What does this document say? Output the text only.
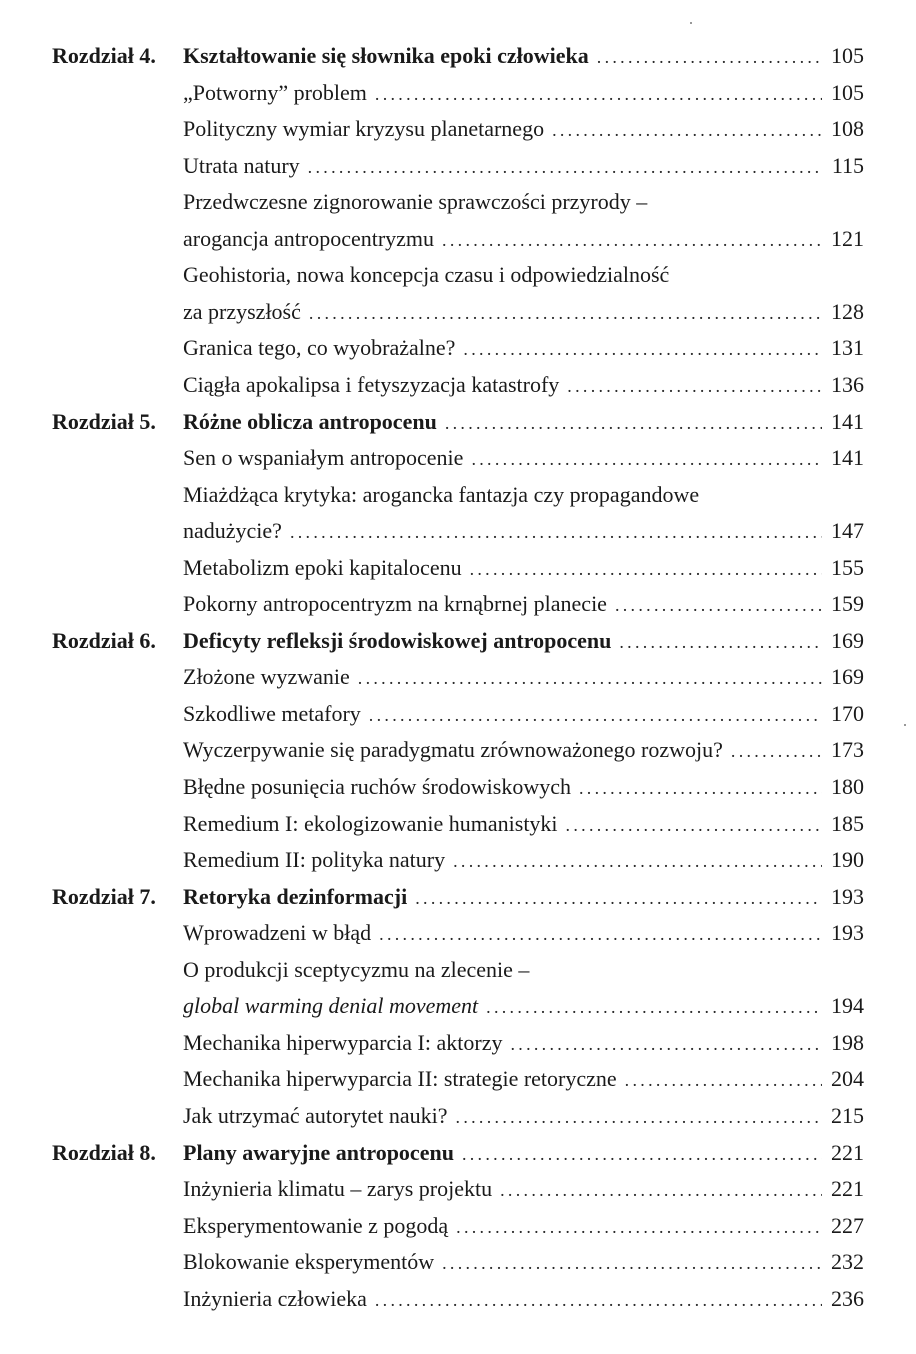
Rozdział 4. Kształtowanie się słownika epoki człowieka . . .	105
„Potworny” problem . . .	105
Polityczny wymiar kryzysu planetarnego . . .	108
Utrata natury . . .	115
Przedwczesne zignorowanie sprawczości przyrody –
arogancja antropocentryzmu . . .	121
Geohistoria, nowa koncepcja czasu i odpowiedzialność
za przyszłość . . .	128
Granica tego, co wyobrażalne? . . .	131
Ciągła apokalipsa i fetyszyzacja katastrofy . . .	136
Rozdział 5. Różne oblicza antropocenu . . .	141
Sen o wspaniałym antropocenie . . .	141
Miażdżąca krytyka: arogancka fantazja czy propagandowe
nadużycie? . . .	147
Metabolizm epoki kapitalocenu . . .	155
Pokorny antropocentryzm na krnąbrnej planecie . . .	159
Rozdział 6. Deficyty refleksji środowiskowej antropocenu . . .	169
Złożone wyzwanie . . .	169
Szkodliwe metafory . . .	170
Wyczerpywanie się paradygmatu zrównoważonego rozwoju? . . .	173
Błędne posunięcia ruchów środowiskowych . . .	180
Remedium I: ekologizowanie humanistyki . . .	185
Remedium II: polityka natury . . .	190
Rozdział 7. Retoryka dezinformacji . . .	193
Wprowadzeni w błąd . . .	193
O produkcji sceptycyzmu na zlecenie –
global warming denial movement . . .	194
Mechanika hiperwyparcia I: aktorzy . . .	198
Mechanika hiperwyparcia II: strategie retoryczne . . .	204
Jak utrzymać autorytet nauki? . . .	215
Rozdział 8. Plany awaryjne antropocenu . . .	221
Inżynieria klimatu – zarys projektu . . .	221
Eksperymentowanie z pogodą . . .	227
Blokowanie eksperymentów . . .	232
Inżynieria człowieka . . .	236
